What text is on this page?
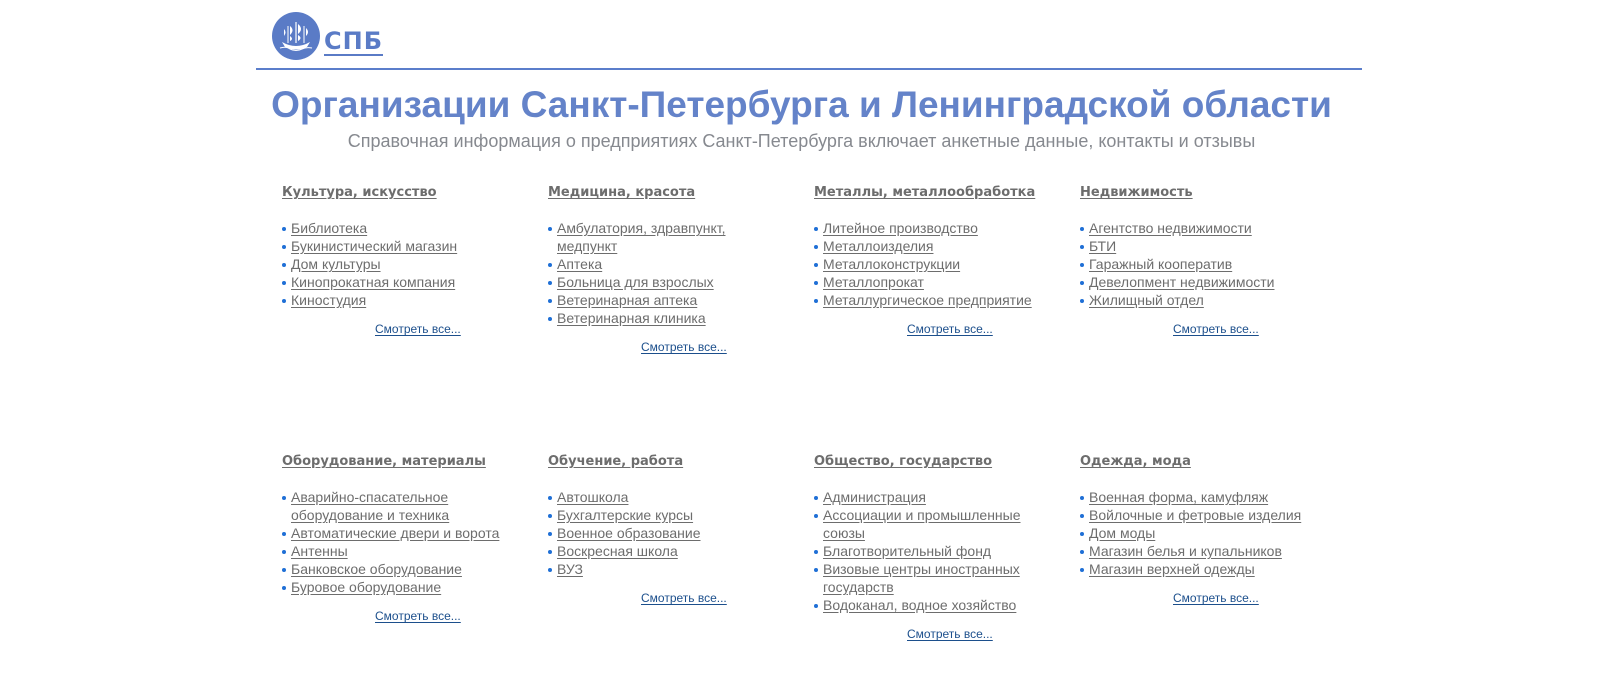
СПБ
Организации Санкт-Петербурга и Ленинградской области

Справочная информация о предприятиях Санкт-Петербурга включает анкетные данные, контакты и отзывы

Культура, искусство
Библиотека
Букинистический магазин
Дом культуры
Кинопрокатная компания
Киностудия
Смотреть все...
Медицина, красота
Амбулатория, здравпункт, медпункт
Аптека
Больница для взрослых
Ветеринарная аптека
Ветеринарная клиника
Смотреть все...
Металлы, металлообработка
Литейное производство
Металлоизделия
Металлоконструкции
Металлопрокат
Металлургическое предприятие
Смотреть все...
Недвижимость
Агентство недвижимости
БТИ
Гаражный кооператив
Девелопмент недвижимости
Жилищный отдел
Смотреть все...
Оборудование, материалы
Аварийно-спасательное оборудование и техника
Автоматические двери и ворота
Антенны
Банковское оборудование
Буровое оборудование
Смотреть все...
Обучение, работа
Автошкола
Бухгалтерские курсы
Военное образование
Воскресная школа
ВУЗ
Смотреть все...
Общество, государство
Администрация
Ассоциации и промышленные союзы
Благотворительный фонд
Визовые центры иностранных государств
Водоканал, водное хозяйство
Смотреть все...
Одежда, мода
Военная форма, камуфляж
Войлочные и фетровые изделия
Дом моды
Магазин белья и купальников
Магазин верхней одежды
Смотреть все...
